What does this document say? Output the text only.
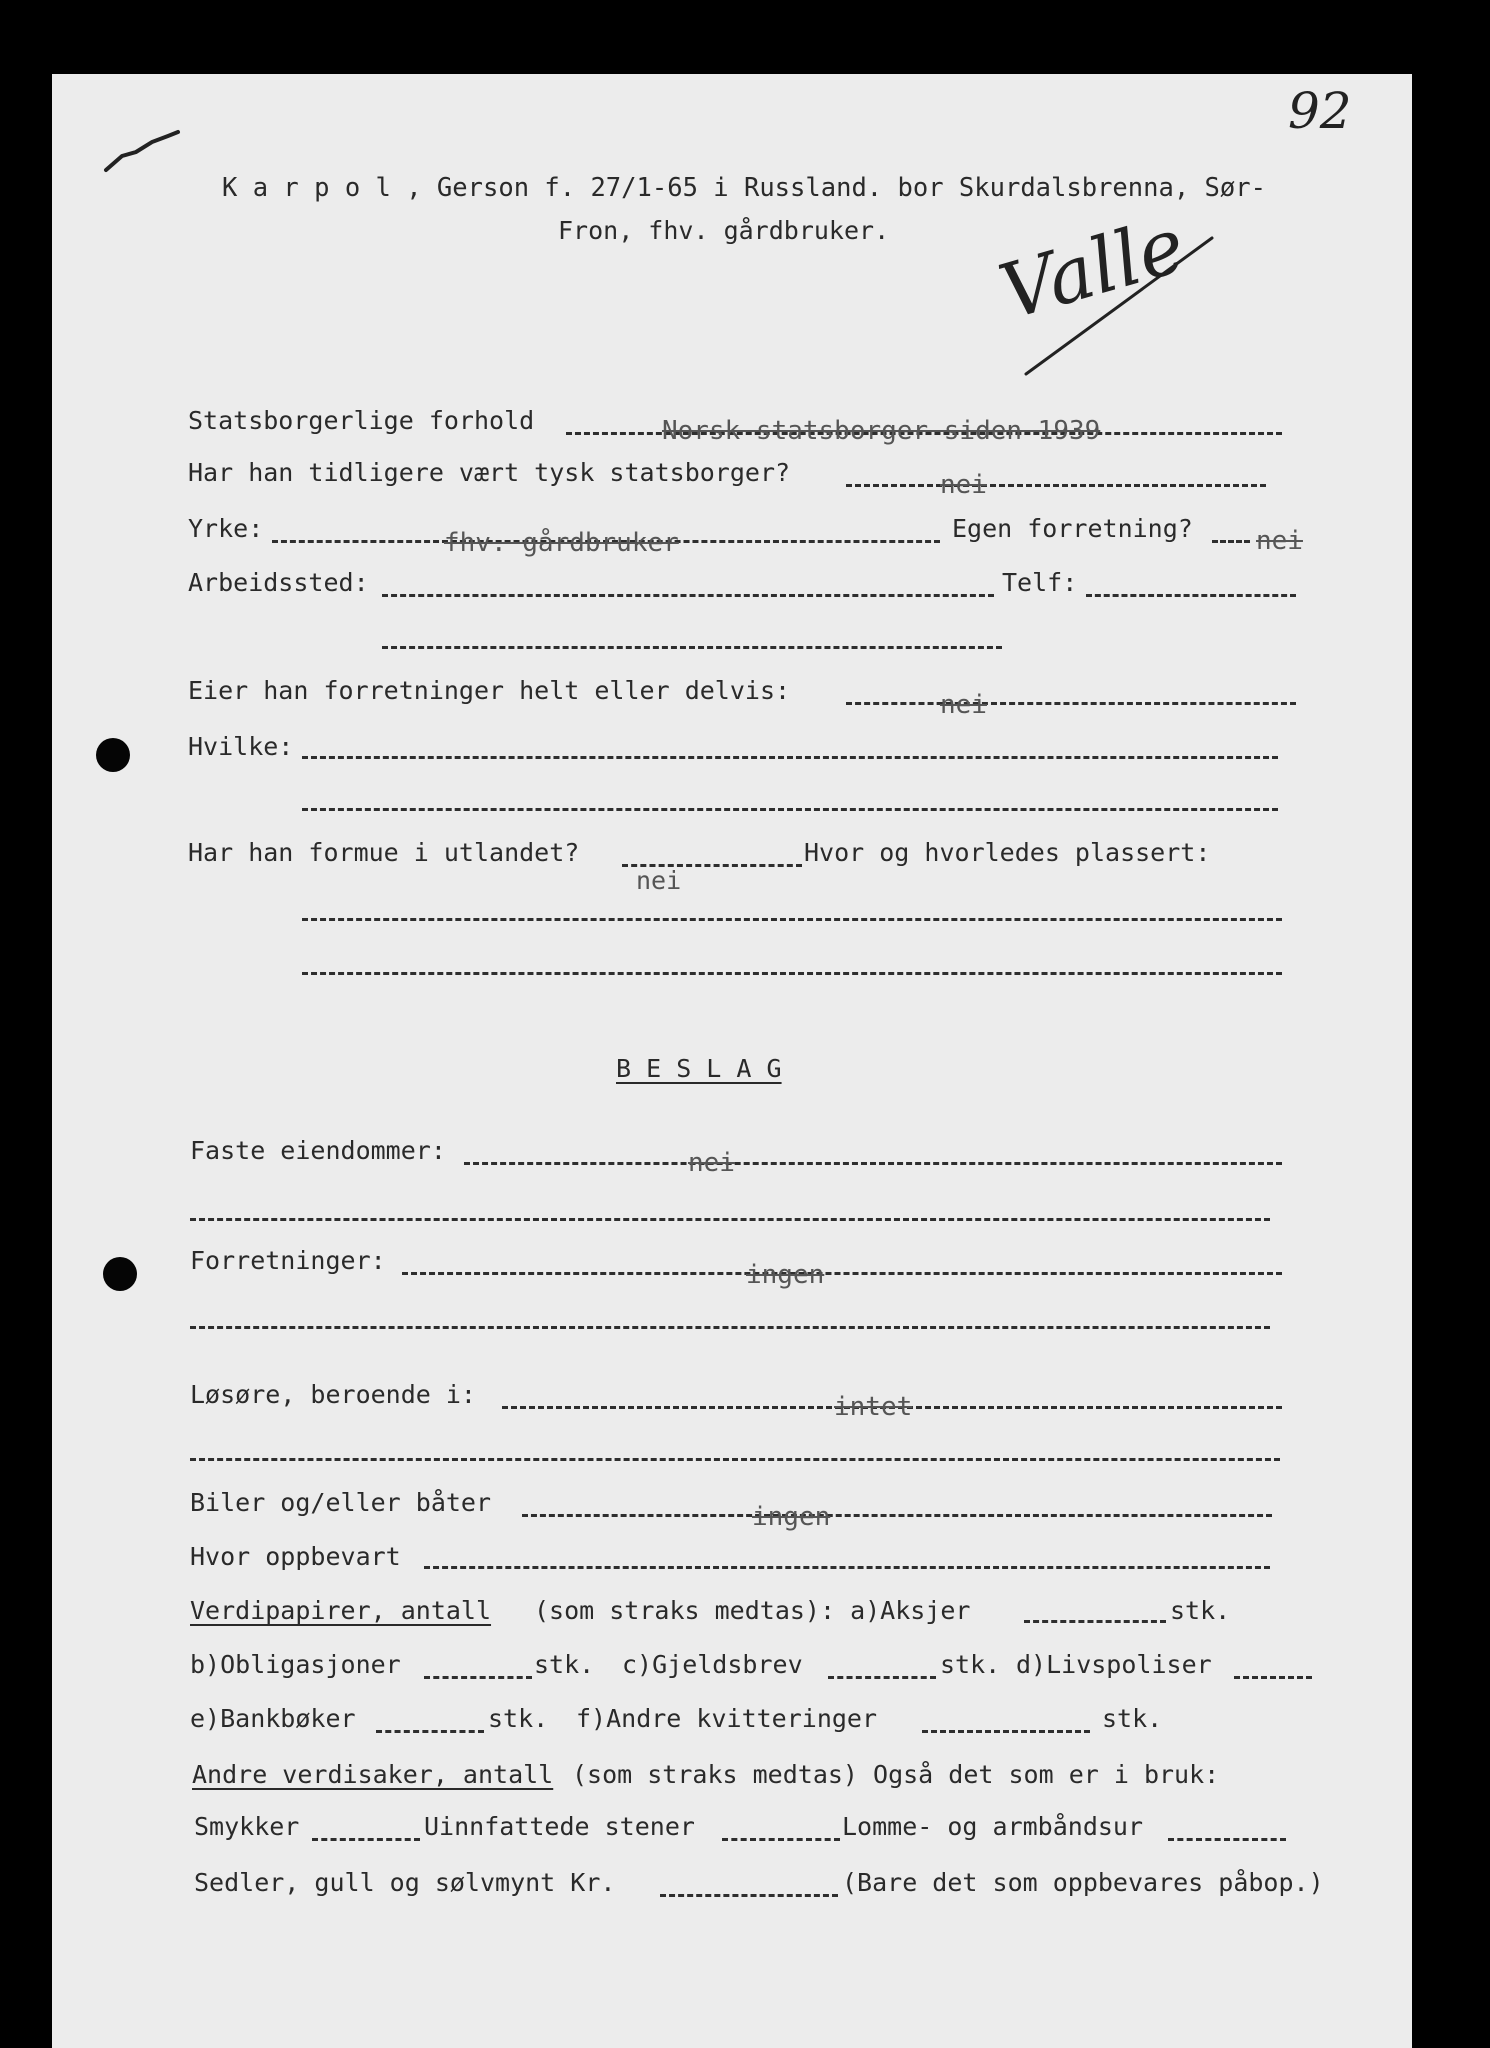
92
K a r p o l , Gerson f. 27/1-65 i Russland. bor Skurdalsbrenna, Sør-
Fron, fhv. gårdbruker. Valle
Statsborgerlige forhold	Norsk statsborger siden 1939
Har han tidligere vært tysk statsborger?	nei
Yrke:	fhv. gårdbruker	Egen forretning? nei
Arbeidssted:	Telf:
Eier han forretninger helt eller delvis:	nei
Hvilke:
Har han formue i utlandet?
nei
Hvor og hvorledes plassert:
B E S L A G
Faste eiendommer:	nei
Forretninger:	ingen
Løsøre, beroende i:	intet
Biler og/eller båter	ingen
Hvor oppbevart
Verdipapirer, antall (som straks medtas): a)Aksjer	stk.
b)Obligasjoner	stk. c)Gjeldsbrev	stk. d)Livspoliser
e)Bankbøker	stk. f)Andre kvitteringer	stk.
Andre verdisaker, antall (som straks medtas) Også det som er i bruk:
Smykker	Uinnfattede stener	Lomme- og armbåndsur
Sedler, gull og sølvmynt Kr.	(Bare det som oppbevares påbop.)
